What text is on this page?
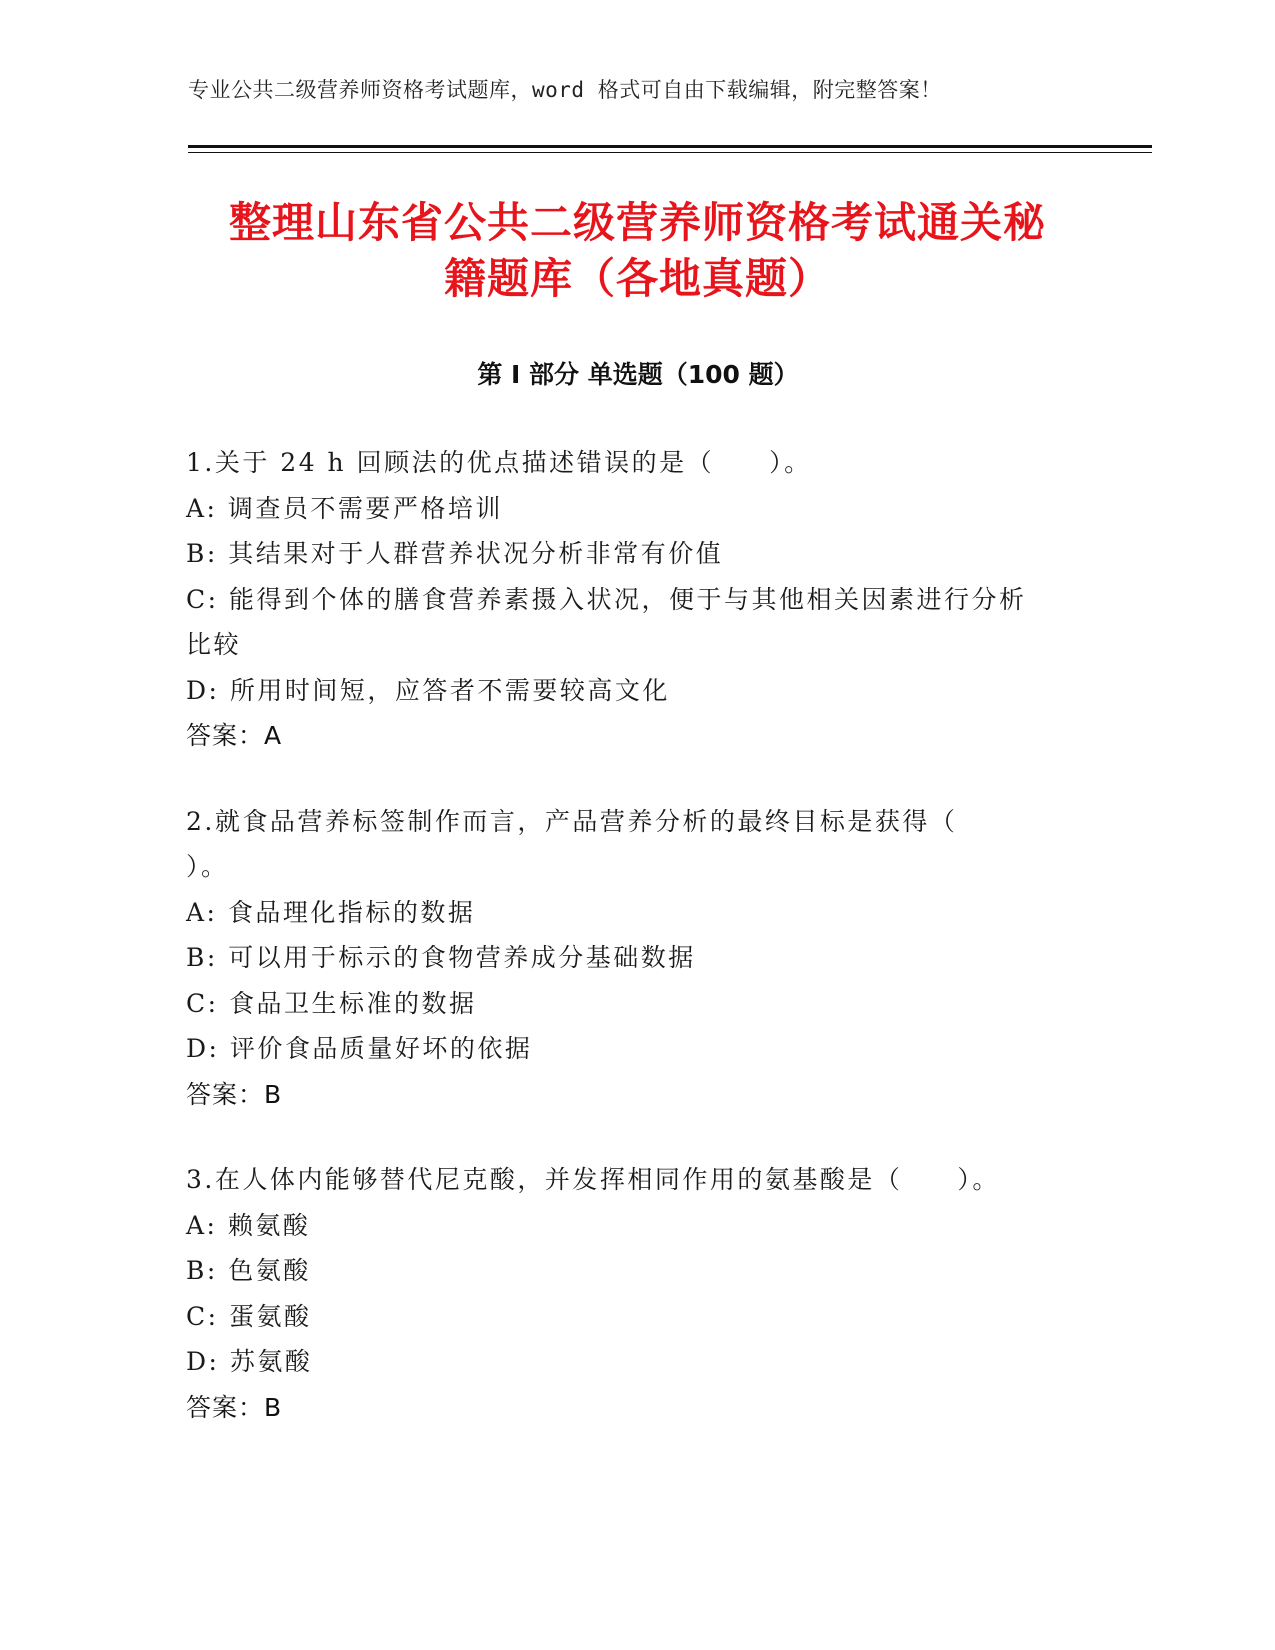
专业公共二级营养师资格考试题库，word 格式可自由下载编辑，附完整答案！
整理山东省公共二级营养师资格考试通关秘
籍题库（各地真题）
第 I 部分 单选题（100 题）
1.关于 24 h 回顾法的优点描述错误的是（　　）。
A: 调查员不需要严格培训
B: 其结果对于人群营养状况分析非常有价值
C: 能得到个体的膳食营养素摄入状况，便于与其他相关因素进行分析
比较
D: 所用时间短，应答者不需要较高文化
答案：A
2.就食品营养标签制作而言，产品营养分析的最终目标是获得（
）。
A: 食品理化指标的数据
B: 可以用于标示的食物营养成分基础数据
C: 食品卫生标准的数据
D: 评价食品质量好坏的依据
答案：B
3.在人体内能够替代尼克酸，并发挥相同作用的氨基酸是（　　）。
A: 赖氨酸
B: 色氨酸
C: 蛋氨酸
D: 苏氨酸
答案：B
